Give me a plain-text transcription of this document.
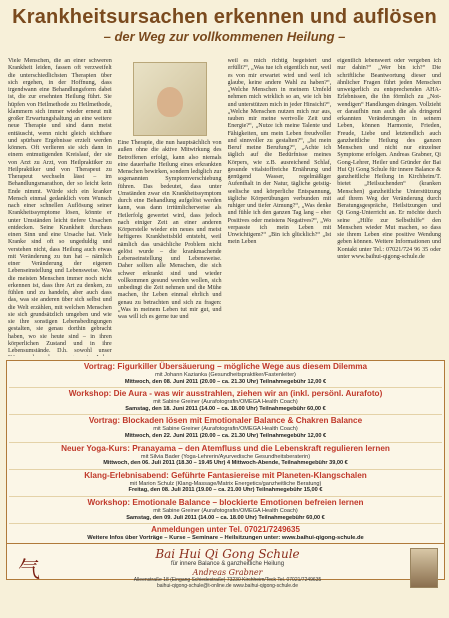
Krankheitsursachen erkennen und auflösen
– der Weg zur vollkommenen Heilung –

Viele Menschen, die an einer schweren Krankheit leiden, fassen oft verzweifelt die unterschiedlichsten Therapien über sich ergehen, in der Hoffnung, dass irgendwann eine Behandlungsform dabei ist, die zur ersehnten Heilung führt. Sie hüpfen von Heilmethode zu Heilmethode, klammern sich immer wieder erneut mit großer Erwartungshaltung an eine weitere neue Therapie und sind dann meist enttäuscht, wenn nicht gleich sichtbare und spürbare Ergebnisse erzielt werden können. Oft verlieren sie sich dann in einem entmutigenden Kreislauf, der sie von Arzt zu Arzt, von Heilpraktiker zu Heilpraktiker und von Therapeut zu Therapeut wechseln lässt – im Behandlungsmarathon, der so leicht kein Ende nimmt. Würde sich ein kranker Mensch einmal gedanklich vom Wunsch nach einer schnellen Auflösung seiner Krankheitssymptome lösen, könnte er unter Umständen leicht tiefere Ursachen entdecken. Seine Krankheit durchaus einen Sinn und eine Ursache hat. Viele Kranke sind oft so ungeduldig und verstehen nicht, dass Heilung auch etwas mit Veränderung zu tun hat – nämlich einer Veränderung der eigenen Lebenseinstellung und Lebensweise. Was die meisten Menschen immer noch nicht erkennen ist, dass ihre Art zu denken, zu fühlen und zu handeln, aber auch dass das, was sie anderen über sich selbst und die Welt erzählen, mit welchen Menschen sie sich grundsätzlich umgeben und wie sie ihre sonstigen Lebensbedingungen gestalten, sie genau dorthin gebracht haben, wo sie heute sind – in ihren körperlichen Zustand und in ihre Lebensumstände. D.h. sowohl unser

Eine Therapie, die nun hauptsächlich von außen ohne die aktive Mitwirkung des Betroffenen erfolgt, kann also niemals eine dauerhafte Heilung eines erkrankten Menschen bewirken, sondern lediglich zur sogenannten Symptomverschiebung führen. Das bedeutet, dass unter Umständen zwar ein Krankheitssymptom durch eine Behandlung aufgelöst werden kann, was dann irrtümlicherweise als Heilerfolg gewertet wird, dass jedoch nach einiger Zeit an einer anderen Körperstelle wieder ein neues und meist heftigeres Krankheitsbild entsteht, weil nämlich das ursächliche Problem nicht gelöst wurde – die krankmachende Lebenseinstellung und Lebensweise. Daher sollten alle Menschen, die sich schwer erkrankt sind und wieder vollkommen gesund werden wollen, sich unbedingt die Zeit nehmen und die Mühe machen, ihr Leben einmal ehrlich und genau zu betrachten und sich zu fragen: „Was in meinem Leben tut mir gut, und was will ich es gerne tue und

weil es mich richtig begeistert und erfüllt?“, „Was tue ich eigentlich nur, weil es von mir erwartet wird und weil ich glaube, keine andere Wahl zu haben?“, „Welche Menschen in meinem Umfeld nehmen mich wirklich so an, wie ich bin und unterstützen mich in jeder Hinsicht?“, „Welche Menschen nutzen mich nur aus, rauben mir meine wertvolle Zeit und Energie?“, „Nutze ich meine Talente und Fähigkeiten, um mein Leben freudvoller und sinnvoller zu gestalten?“, „Ist mein Beruf meine Berufung?“, „Achte ich täglich auf die Bedürfnisse meines Körpers, wie z.B. ausreichend Schlaf, gesunde vitalstoffreiche Ernährung und genügend Wasser, regelmäßiger Aufenthalt in der Natur, tägliche geistig-seelische und körperliche Entspannung, tägliche Körperübungen verbunden mit ruhiger und tiefer Atmung?“, „Was denke und fühle ich den ganzen Tag lang – eher Positives oder meistens Negatives?“, „Wo verpasste ich mein Leben mit Unwichtigem?“ „Bin ich glücklich?“ „Ist mein Leben

eigentlich lebenswert oder vergeben ich nur dahin?“ „Wer bin ich?“ Die schriftliche Beantwortung dieser und ähnlicher Fragen führt jeden Menschen unweigerlich zu entsprechenden AHA-Erlebnissen, die ihn förmlich zu „Not-wendigen“ Handlungen drängen. Vollzieht er daraufhin nun auch die als dringend erkannten Veränderungen in seinem Leben, können Harmonie, Frieden, Freude, Liebe und letztendlich auch ganzheitliche Heilung des ganzen Menschen und nicht nur einzelner Symptome erfolgen. Andreas Grabner, Qi Gong-Lehrer, Heiler und Gründer der Bai Hui Qi Gong Schule für innere Balance & ganzheitliche Heilung in Kirchheim/T. bietet „Heilsuchenden“ (kranken Menschen) ganzheitliche Unterstützung auf ihrem Weg der Veränderung durch Beratungsgespräche, Heilsitzungen und Qi Gong-Unterricht an. Er möchte durch seine „Hilfe zur Selbsthilfe“ den Menschen wieder Mut machen, so dass sie ihrem Leben eine positive Wendung geben können. Weitere Informationen und Kontakt unter Tel.: 07021/724 96 35 oder unter www.baihui-qigong-schule.de

Vortrag: Figurkiller Übersäuerung – mögliche Wege aus diesem Dilemma
mit Johann Kazianka (Gesundheitspraktiker/Fastenleiter)
Mittwoch, den 08. Juni 2011 (20.00 – ca. 21.30 Uhr) Teilnahmegebühr 12,00 €
Workshop: Die Aura - was wir ausstrahlen, ziehen wir an (inkl. persönl. Aurafoto)
mit Sabine Greiner (Aurafotografin/OMEGA Health Coach)
Samstag, den 18. Juni 2011 (14.00 – ca. 18.00 Uhr) Teilnahmegebühr 60,00 €
Vortrag: Blockaden lösen mit Emotionaler Balance & Chakren Balance
mit Sabine Greiner (Aurafotografin/OMEGA Health Coach)
Mittwoch, den 22. Juni 2011 (20.00 – ca. 21.30 Uhr) Teilnahmegebühr 12,00 €
Neuer Yoga-Kurs: Pranayama – den Atemfluss und die Lebenskraft regulieren lernen
mit Silvia Bader (Yoga-Lehrerin/Ayurvedische Gesundheitsberaterin)
Mittwoch, den 06. Juli 2011 (18.30 – 19.45 Uhr) 4 Mittwoch-Abende, Teilnahmegebühr 39,00 €
Klang-Erlebnisabend: Geführte Fantasiereise mit Planeten-Klangschalen
mit Marion Schulz (Klang-Massage/Matrix Energetics/ganzheitliche Beratung)
Freitag, den 08. Juli 2011 (19.00 – ca. 21.00 Uhr) Teilnahmegebühr 15,00 €
Workshop: Emotionale Balance – blockierte Emotionen befreien lernen
mit Sabine Greiner (Aurafotografin/OMEGA Health Coach)
Samstag, den 09. Juli 2011 (14.00 – ca. 18.00 Uhr) Teilnahmegebühr 60,00 €
Anmeldungen unter Tel. 07021/7249635
Weitere Infos über Vorträge – Kurse – Seminare – Heilsitzungen unter: www.baihui-qigong-schule.de
气
Bai Hui Qi Gong Schule
für innere Balance & ganzheitliche Heilung
Andreas Grabner
Alleenstraße 18 (Eingang Schiedestraße) 73230 Kirchheim/Teck Tel. 07021/7249635
baihui-qigong-schule@t-online.de www.baihui-qigong-schule.de
